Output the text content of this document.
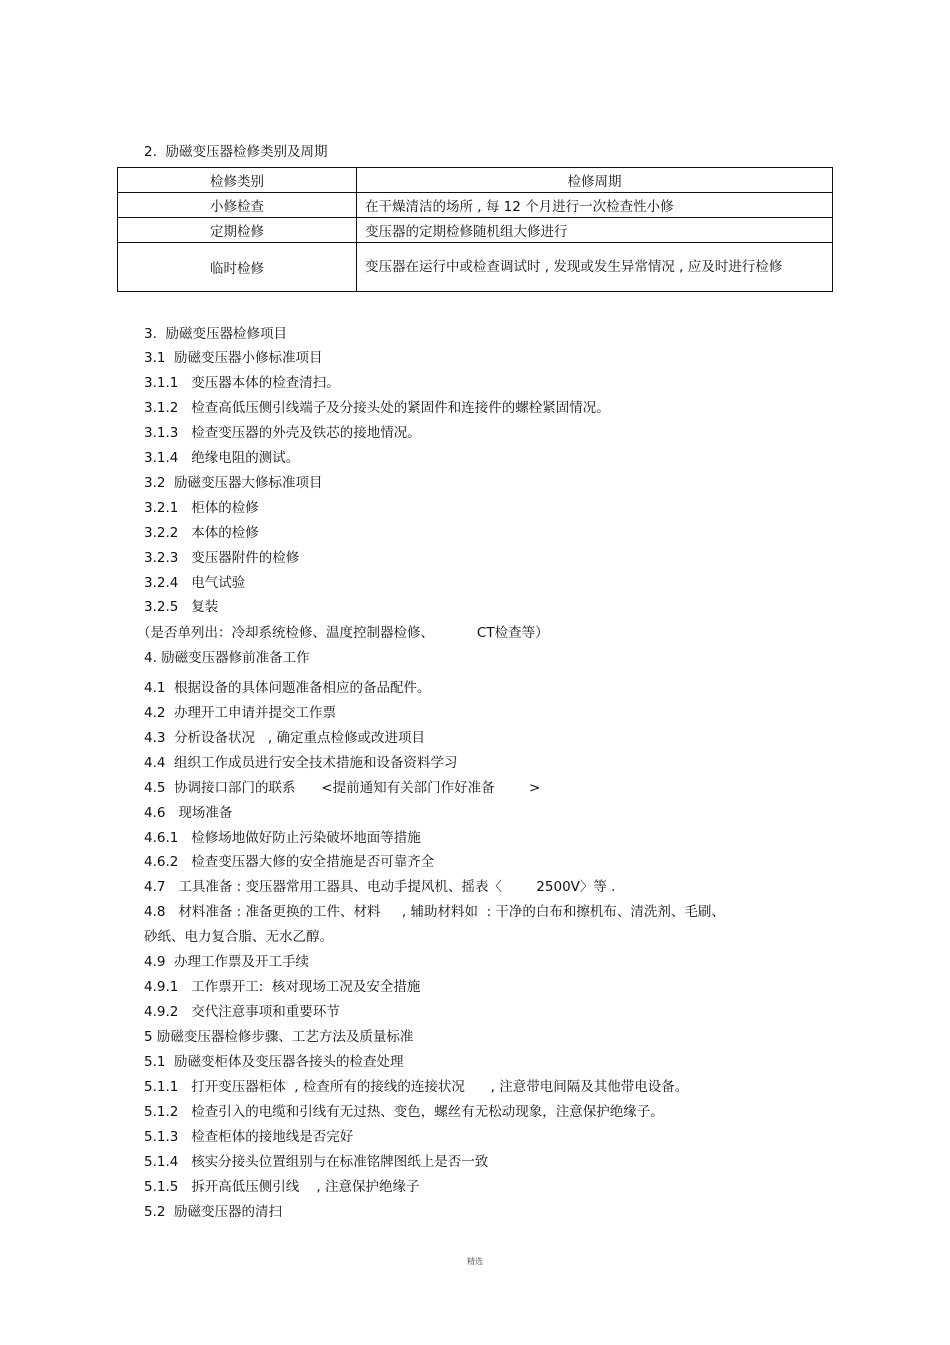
2.  励磁变压器检修类别及周期
检修类别	检修周期
小修检查	在干燥清洁的场所 , 每 12 个月进行一次检查性小修
定期检修	变压器的定期检修随机组大修进行
临时检修	变压器在运行中或检查调试时 , 发现或发生异常情况 , 应及时进行检修
3.  励磁变压器检修项目
3.1  励磁变压器小修标准项目
3.1.1   变压器本体的检查清扫。
3.1.2   检查高低压侧引线端子及分接头处的紧固件和连接件的螺栓紧固情况。
3.1.3   检查变压器的外壳及铁芯的接地情况。
3.1.4   绝缘电阻的测试。
3.2  励磁变压器大修标准项目
3.2.1   柜体的检修
3.2.2   本体的检修
3.2.3   变压器附件的检修
3.2.4   电气试验
3.2.5   复装
（是否单列出：冷却系统检修、温度控制器检修、          CT检查等）
4. 励磁变压器修前准备工作
4.1  根据设备的具体问题准备相应的备品配件。
4.2  办理开工申请并提交工作票
4.3  分析设备状况   , 确定重点检修或改进项目
4.4  组织工作成员进行安全技术措施和设备资料学习
4.5  协调接口部门的联系      <提前通知有关部门作好准备        >
4.6   现场准备
4.6.1   检修场地做好防止污染破坏地面等措施
4.6.2   检查变压器大修的安全措施是否可靠齐全
4.7   工具准备 : 变压器常用工器具、电动手提风机、摇表〈        2500V〉等 .
4.8   材料准备 : 准备更换的工件、材料     , 辅助材料如  : 干净的白布和擦机布、清洗剂、毛刷、
砂纸、电力复合脂、无水乙醇。
4.9  办理工作票及开工手续
4.9.1   工作票开工:  核对现场工况及安全措施
4.9.2   交代注意事项和重要环节
5 励磁变压器检修步骤、工艺方法及质量标准
5.1  励磁变柜体及变压器各接头的检查处理
5.1.1   打开变压器柜体  , 检查所有的接线的连接状况      , 注意带电间隔及其他带电设备。
5.1.2   检查引入的电缆和引线有无过热、变色，螺丝有无松动现象，注意保护绝缘子。
5.1.3   检查柜体的接地线是否完好
5.1.4   核实分接头位置组别与在标准铭牌图纸上是否一致
5.1.5   拆开高低压侧引线    , 注意保护绝缘子
5.2  励磁变压器的清扫
精选
